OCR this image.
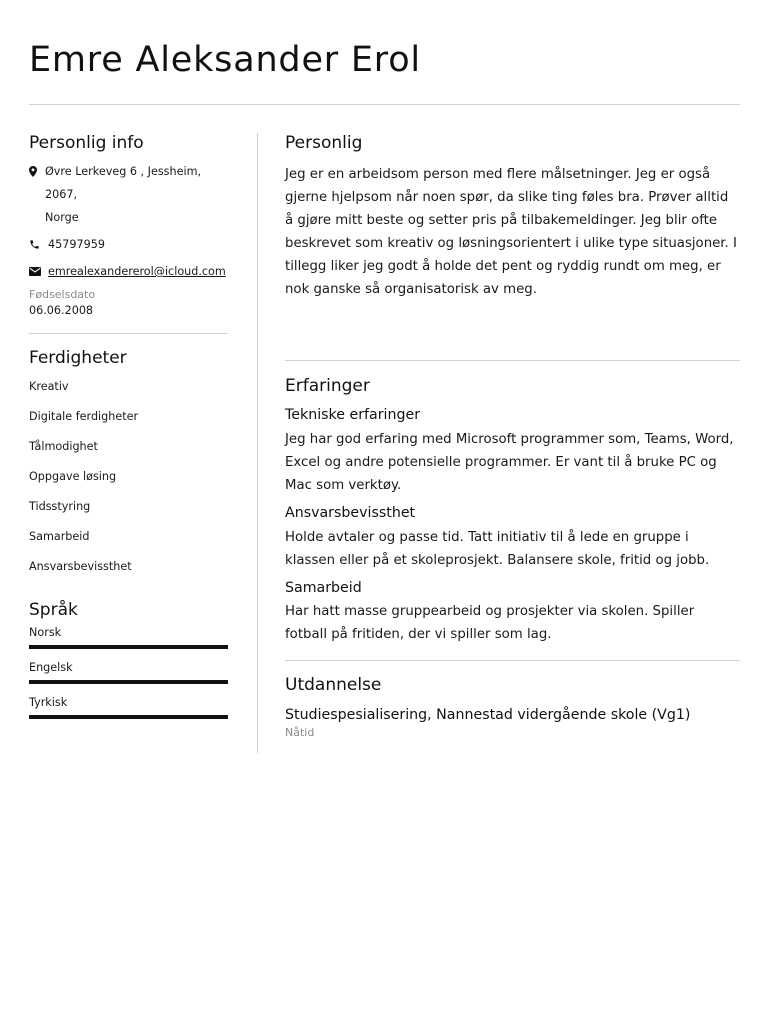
Emre Aleksander Erol
Personlig info
Øvre Lerkeveg 6 , Jessheim, 2067,
Norge
45797959
emrealexandererol@icloud.com
Fødselsdato
06.06.2008
Ferdigheter
Kreativ
Digitale ferdigheter
Tålmodighet
Oppgave løsing
Tidsstyring
Samarbeid
Ansvarsbevissthet
Språk
Norsk
Engelsk
Tyrkisk
Personlig

Jeg er en arbeidsom person med flere målsetninger. Jeg er også gjerne hjelpsom når noen spør, da slike ting føles bra. Prøver alltid å gjøre mitt beste og setter pris på tilbakemeldinger. Jeg blir ofte beskrevet som kreativ og løsningsorientert i ulike type situasjoner. I tillegg liker jeg godt å holde det pent og ryddig rundt om meg, er nok ganske så organisatorisk av meg.

Erfaringer
Tekniske erfaringer

Jeg har god erfaring med Microsoft programmer som, Teams, Word, Excel og andre potensielle programmer. Er vant til å bruke PC og Mac som verktøy.

Ansvarsbevissthet

Holde avtaler og passe tid. Tatt initiativ til å lede en gruppe i klassen eller på et skoleprosjekt. Balansere skole, fritid og jobb.

Samarbeid

Har hatt masse gruppearbeid og prosjekter via skolen. Spiller fotball på fritiden, der vi spiller som lag.

Utdannelse
Studiespesialisering, Nannestad vidergående skole (Vg1)
Nåtid
